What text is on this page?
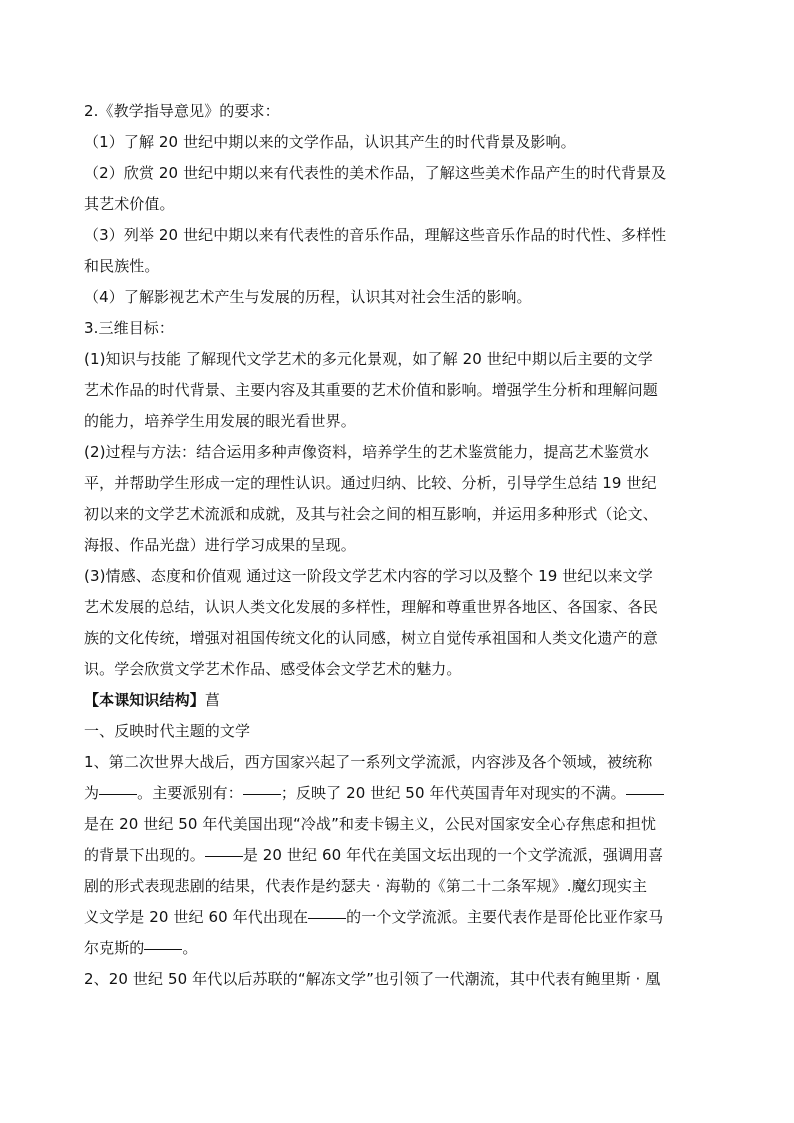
2.《教学指导意见》的要求：
（1）了解 20 世纪中期以来的文学作品，认识其产生的时代背景及影响。
（2）欣赏 20 世纪中期以来有代表性的美术作品，了解这些美术作品产生的时代背景及
其艺术价值。
（3）列举 20 世纪中期以来有代表性的音乐作品，理解这些音乐作品的时代性、多样性
和民族性。
（4）了解影视艺术产生与发展的历程，认识其对社会生活的影响。
3.三维目标：
(1)知识与技能 了解现代文学艺术的多元化景观，如了解 20 世纪中期以后主要的文学
艺术作品的时代背景、主要内容及其重要的艺术价值和影响。增强学生分析和理解问题
的能力，培养学生用发展的眼光看世界。
(2)过程与方法：结合运用多种声像资料，培养学生的艺术鉴赏能力，提高艺术鉴赏水
平，并帮助学生形成一定的理性认识。通过归纳、比较、分析，引导学生总结 19 世纪
初以来的文学艺术流派和成就，及其与社会之间的相互影响，并运用多种形式（论文、
海报、作品光盘）进行学习成果的呈现。
(3)情感、态度和价值观 通过这一阶段文学艺术内容的学习以及整个 19 世纪以来文学
艺术发展的总结，认识人类文化发展的多样性，理解和尊重世界各地区、各国家、各民
族的文化传统，增强对祖国传统文化的认同感，树立自觉传承祖国和人类文化遗产的意
识。学会欣赏文学艺术作品、感受体会文学艺术的魅力。
【本课知识结构】菖
一、反映时代主题的文学
1、第二次世界大战后，西方国家兴起了一系列文学流派，内容涉及各个领域，被统称
为	。主要派别有：	；反映了 20 世纪 50 年代英国青年对现实的不满。
是在 20 世纪 50 年代美国出现“冷战”和麦卡锡主义，公民对国家安全心存焦虑和担忧
的背景下出现的。	是 20 世纪 60 年代在美国文坛出现的一个文学流派，强调用喜
剧的形式表现悲剧的结果，代表作是约瑟夫 · 海勒的《第二十二条军规》.魔幻现实主
义文学是 20 世纪 60 年代出现在	的一个文学流派。主要代表作是哥伦比亚作家马
尔克斯的	。
2、20 世纪 50 年代以后苏联的“解冻文学”也引领了一代潮流，其中代表有鲍里斯 · 凰
